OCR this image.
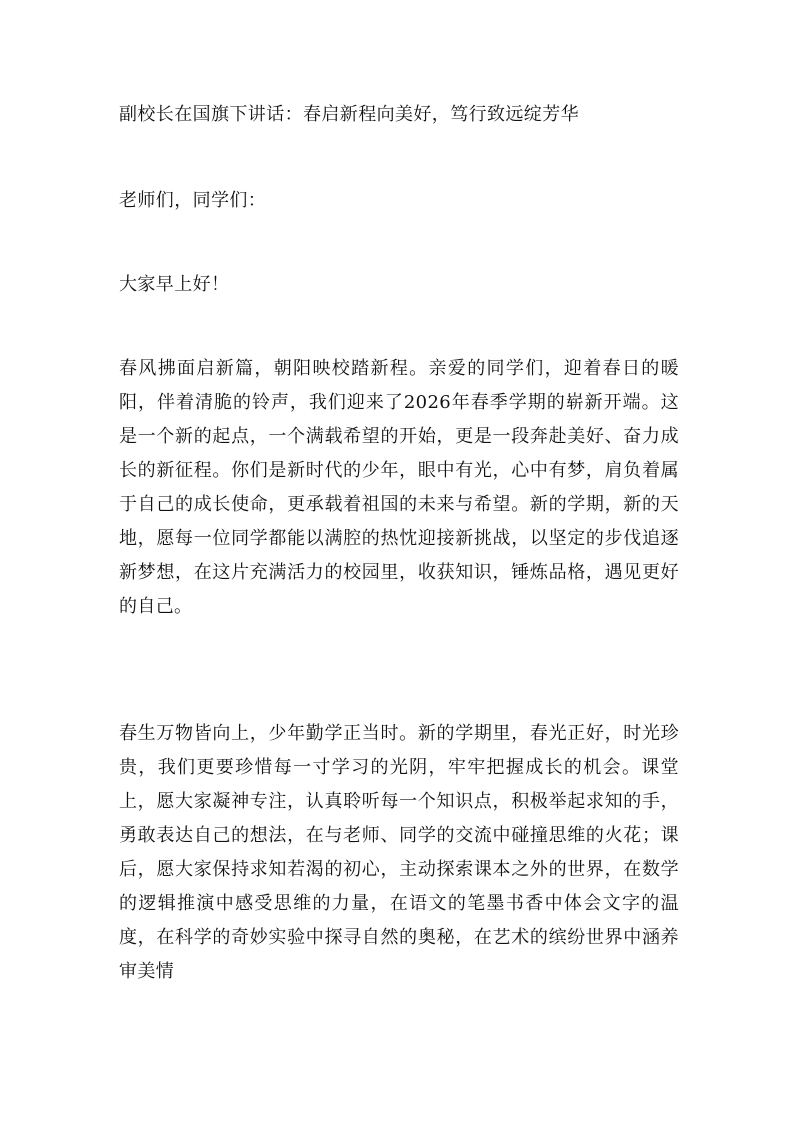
副校长在国旗下讲话：春启新程向美好，笃行致远绽芳华
老师们，同学们：
大家早上好！
春风拂面启新篇，朝阳映校踏新程。亲爱的同学们，迎着春日的暖阳，伴着清脆的铃声，我们迎来了2026年春季学期的崭新开端。这是一个新的起点，一个满载希望的开始，更是一段奔赴美好、奋力成长的新征程。你们是新时代的少年，眼中有光，心中有梦，肩负着属于自己的成长使命，更承载着祖国的未来与希望。新的学期，新的天地，愿每一位同学都能以满腔的热忱迎接新挑战，以坚定的步伐追逐新梦想，在这片充满活力的校园里，收获知识，锤炼品格，遇见更好的自己。
春生万物皆向上，少年勤学正当时。新的学期里，春光正好，时光珍贵，我们更要珍惜每一寸学习的光阴，牢牢把握成长的机会。课堂上，愿大家凝神专注，认真聆听每一个知识点，积极举起求知的手，勇敢表达自己的想法，在与老师、同学的交流中碰撞思维的火花；课后，愿大家保持求知若渴的初心，主动探索课本之外的世界，在数学的逻辑推演中感受思维的力量，在语文的笔墨书香中体会文字的温度，在科学的奇妙实验中探寻自然的奥秘，在艺术的缤纷世界中涵养审美情
